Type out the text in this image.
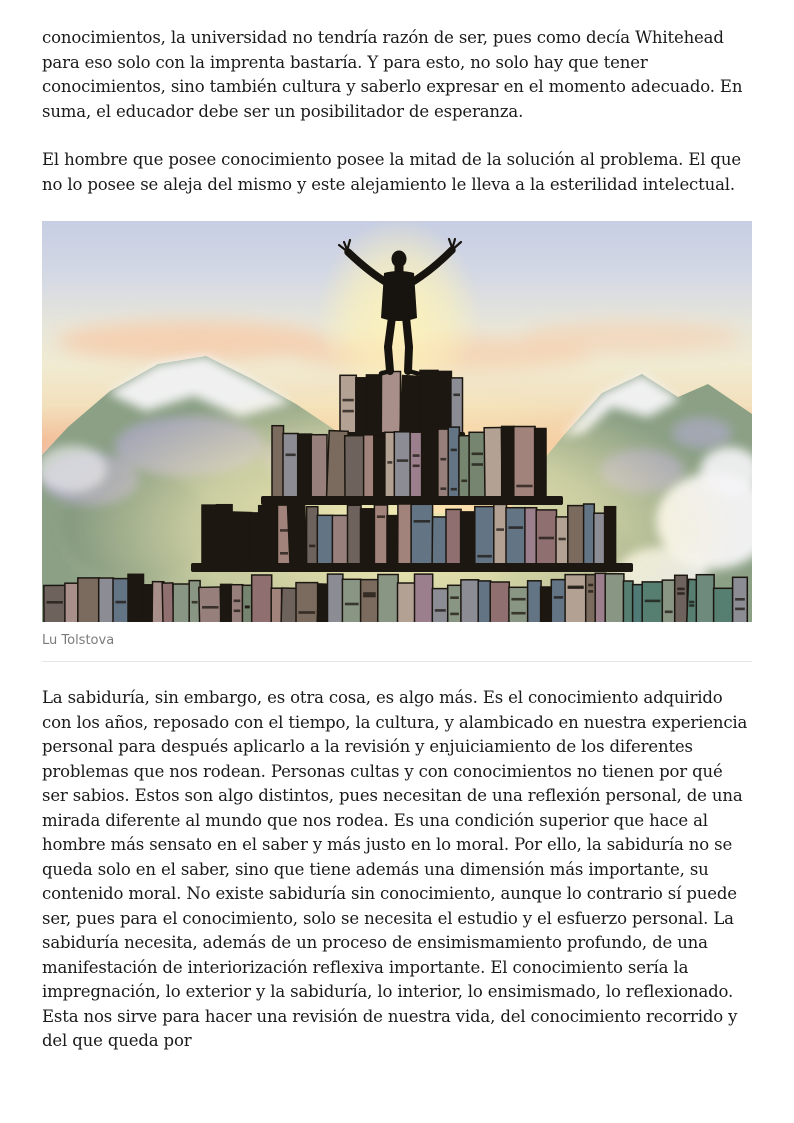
conocimientos, la universidad no tendría razón de ser, pues como decía Whitehead para eso solo con la imprenta bastaría. Y para esto, no solo hay que tener conocimientos, sino también cultura y saberlo expresar en el momento adecuado. En suma, el educador debe ser un posibilitador de esperanza.

El hombre que posee conocimiento posee la mitad de la solución al problema. El que no lo posee se aleja del mismo y este alejamiento le lleva a la esterilidad intelectual.

Lu Tolstova

La sabiduría, sin embargo, es otra cosa, es algo más. Es el conocimiento adquirido con los años, reposado con el tiempo, la cultura, y alambicado en nuestra experiencia personal para después aplicarlo a la revisión y enjuiciamiento de los diferentes problemas que nos rodean. Personas cultas y con conocimientos no tienen por qué ser sabios. Estos son algo distintos, pues necesitan de una reflexión personal, de una mirada diferente al mundo que nos rodea. Es una condición superior que hace al hombre más sensato en el saber y más justo en lo moral. Por ello, la sabiduría no se queda solo en el saber, sino que tiene además una dimensión más importante, su contenido moral. No existe sabiduría sin conocimiento, aunque lo contrario sí puede ser, pues para el conocimiento, solo se necesita el estudio y el esfuerzo personal. La sabiduría necesita, además de un proceso de ensimismamiento profundo, de una manifestación de interiorización reflexiva importante. El conocimiento sería la impregnación, lo exterior y la sabiduría, lo interior, lo ensimismado, lo reflexionado. Esta nos sirve para hacer una revisión de nuestra vida, del conocimiento recorrido y del que queda por
